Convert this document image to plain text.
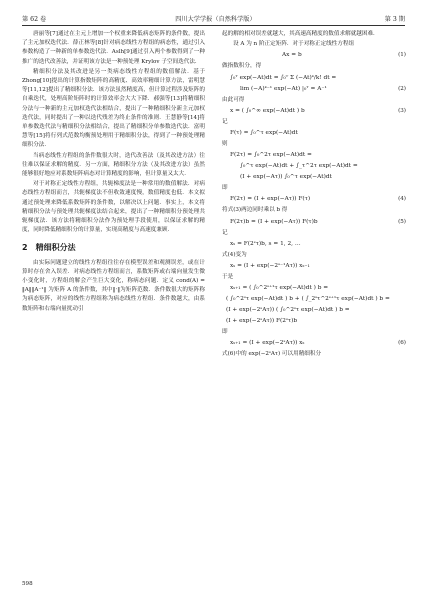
第 62 卷	四川大学学报（自然科学版）	第 3 期

唐丽等[7]通过在主元上增加一个权重来降低病态矩阵的条件数，提出了主元加权迭代法．薛正林等[8]针对病态线性方程组的病态性，通过引入参数构造了一种新的单参数迭代法．Aslh[9]通过引入两个参数得到了一种推广的迭代改善法，并证明该方法是一种预处理 Krylov 子空间迭代法．

精细积分法及其改进是另一类病态线性方程组的数值解法．基于 Zhong[10]提出的计算指数矩阵的高精度、高效率精细计算方法，雷明慧等[11,12]提出了精细积分法．该方法虽然精度高，但计算过程涉及矩阵的自乘迭代，处理高阶矩阵时的计算效率会大大下降．郝强等[13]将精细积分法与一种新的主元加权迭代法相结合，提出了一种精细积分新主元加权迭代法，同时提出了一种以迭代残差为终止条件的准则．王慧静等[14]将单参数迭代法与精细积分法相结合，提出了精细积分单参数迭代法．富明慧等[15]将行列式范数均衡预处理用于精细积分法，得到了一种预处理精细积分法．

当病态线性方程组的条件数很大时，迭代改善法（及其改进方法）往往难以保证求解的精度．另一方面，精细积分方法（及其改进方法）虽然能够很好地应对系数矩阵病态对计算精度的影响，但计算量又太大．

对于对称正定线性方程组，共轭梯度法是一种常用的数值解法．对病态线性方程组而言，共轭梯度法不但收敛速度慢，数值精度也低．本文拟通过预处理来降低系数矩阵的条件数，以解决以上问题．事实上，本文将精细积分法与预处理共轭梯度法结合起来，提出了一种精细积分预处理共轭梯度法．该方法将精细积分法作为预处理手段使用，以保证求解的精度，同时降低精细积分的计算量，实现高精度与高速度兼顾．

2　精细积分法

由实际问题建立的线性方程组往往存在模型误差和观测误差，或在计算时存在舍入误差．对病态线性方程组而言，系数矩阵或右端向量发生微小变化时，方程组的解会产生巨大变化，称病态问题．定义 cond(A) = ‖A‖‖A⁻¹‖ 为矩阵 A 的条件数，其中‖·‖为矩阵范数．条件数很大的矩阵称为病态矩阵，对应的线性方程组称为病态线性方程组．条件数越大，由系数矩阵和右端向量扰动引

起的解的相对误差就越大，其高速高精度的数值求解就越困难．

设 A 为 n 阶正定矩阵．对于对称正定线性方程组

Ax = b	(1)

做指数积分，得

∫₀ᵀ exp(−At)dt = ∫₀ᵀ Σ (−At)ᵏ/k! dt =
lim (−A)ᵏ⁻¹ exp(−At) |₀ᵀ = A⁻¹	(2)

由此可得

x = ( ∫₀^∞ exp(−At)dt ) b	(3)

记

F(τ) = ∫₀^τ exp(−At)dt

则

F(2τ) = ∫₀^2τ exp(−At)dt =
∫₀^τ exp(−At)dt + ∫_τ^2τ exp(−At)dt =
(I + exp(−Aτ)) ∫₀^τ exp(−At)dt

即

F(2τ) = (I + exp(−Aτ)) F(τ)	(4)

将式(3)两边同时乘以 b 得

F(2τ)b = (I + exp(−Aτ)) F(τ)b	(5)

记

xₛ = F(2ˢτ)b, s = 1, 2, …

式(4)变为

xₛ = (I + exp(−2ˢ⁻¹Aτ)) xₛ₋₁

于是

xₛ₊₁ = ( ∫₀^2ˢ⁺¹τ exp(−At)dt ) b =
( ∫₀^2ˢτ exp(−At)dt ) b + ( ∫_2ˢτ^2ˢ⁺¹τ exp(−At)dt ) b =
(I + exp(−2ˢAτ)) ( ∫₀^2ˢτ exp(−At)dt ) b =
(I + exp(−2ˢAτ)) F(2ˢτ)b

即

xₛ₊₁ = (I + exp(−2ˢAτ)) xₛ	(6)

式(6)中的 exp(−2ˢAτ) 可以用精细积分

598
